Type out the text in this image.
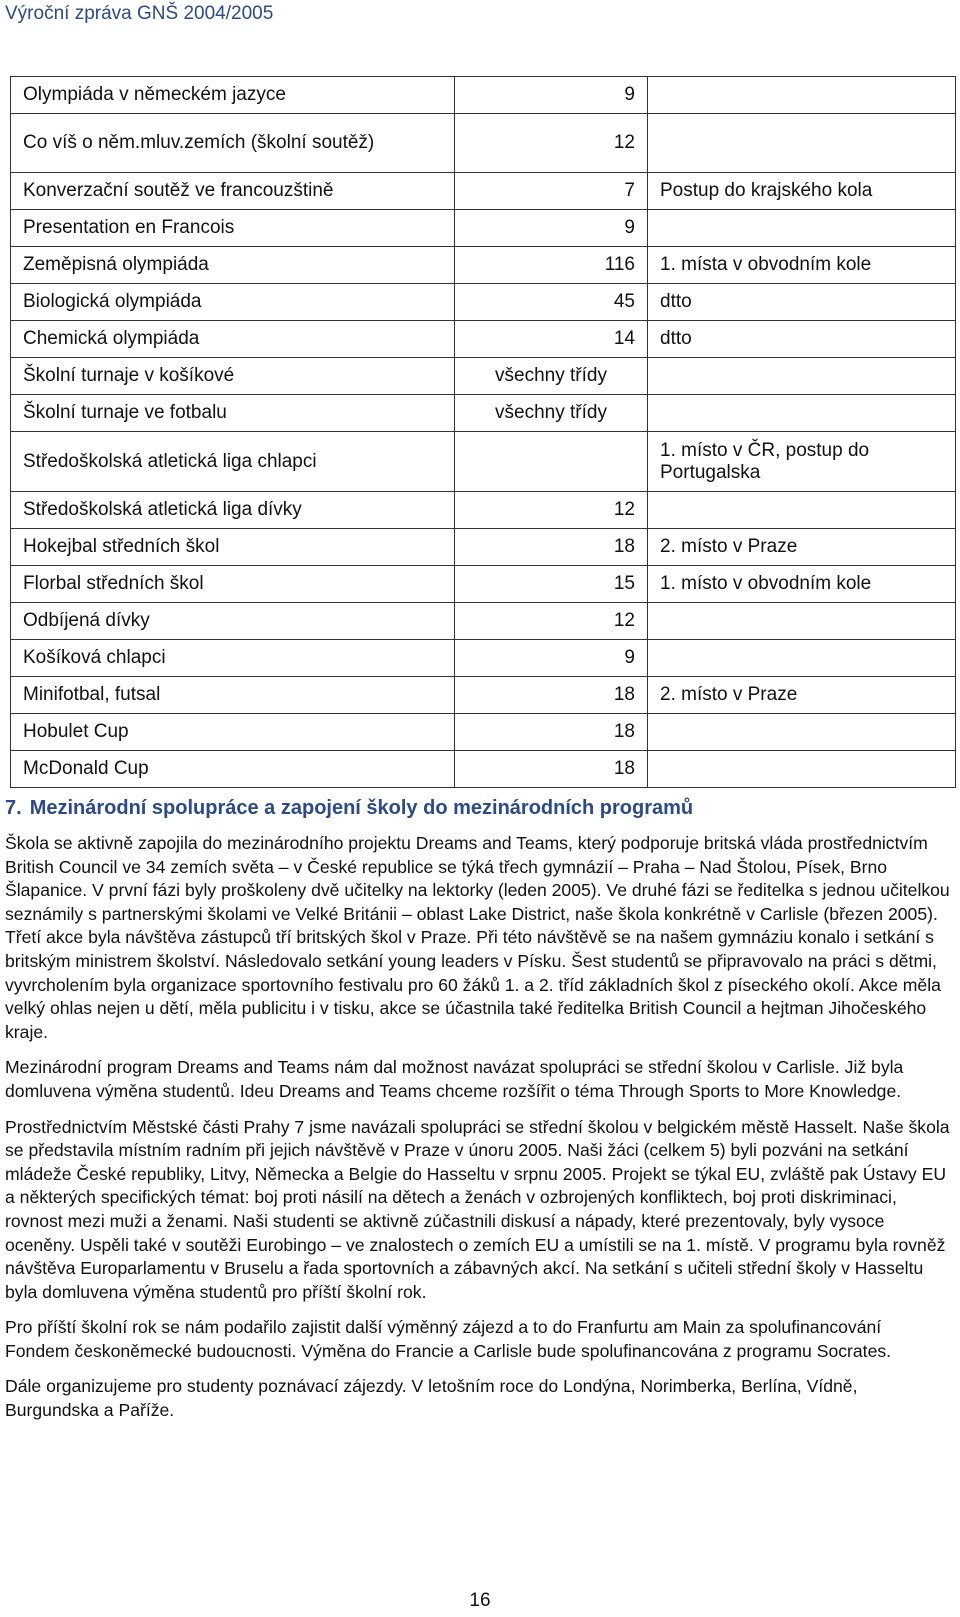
Výroční zpráva GNŠ 2004/2005
Olympiáda v německém jazyce	9	
Co víš o něm.mluv.zemích (školní soutěž)	12	
Konverzační soutěž ve francouzštině	7	Postup do krajského kola
Presentation en Francois	9	
Zeměpisná olympiáda	116	1. místa v obvodním kole
Biologická olympiáda	45	dtto
Chemická olympiáda	14	dtto
Školní turnaje v košíkové	všechny třídy	
Školní turnaje ve fotbalu	všechny třídy	
Středoškolská atletická liga chlapci		1. místo v ČR, postup do Portugalska
Středoškolská atletická liga dívky	12	
Hokejbal středních škol	18	2. místo v Praze
Florbal středních škol	15	1. místo v obvodním kole
Odbíjená dívky	12	
Košíková chlapci	9	
Minifotbal, futsal	18	2. místo v Praze
Hobulet Cup	18	
McDonald Cup	18	
7. Mezinárodní spolupráce a zapojení školy do mezinárodních programů

Škola se aktivně zapojila do mezinárodního projektu Dreams and Teams, který podporuje britská vláda prostřednictvím British Council ve 34 zemích světa – v České republice se týká třech gymnázií – Praha – Nad Štolou, Písek, Brno Šlapanice. V první fázi byly proškoleny dvě učitelky na lektorky (leden 2005). Ve druhé fázi se ředitelka s jednou učitelkou seznámily s partnerskými školami ve Velké Británii – oblast Lake District, naše škola konkrétně v Carlisle (březen 2005). Třetí akce byla návštěva zástupců tří britských škol v Praze. Při této návštěvě se na našem gymnáziu konalo i setkání s britským ministrem školství. Následovalo setkání young leaders v Písku. Šest studentů se připravovalo na práci s dětmi, vyvrcholením byla organizace sportovního festivalu pro 60 žáků 1. a 2. tříd základních škol z píseckého okolí. Akce měla velký ohlas nejen u dětí, měla publicitu i v tisku, akce se účastnila také ředitelka British Council a hejtman Jihočeského kraje.

Mezinárodní program Dreams and Teams nám dal možnost navázat spolupráci se střední školou v Carlisle. Již byla domluvena výměna studentů. Ideu Dreams and Teams chceme rozšířit o téma Through Sports to More Knowledge.

Prostřednictvím Městské části Prahy 7 jsme navázali spolupráci se střední školou v belgickém městě Hasselt. Naše škola se představila místním radním při jejich návštěvě v Praze v únoru 2005. Naši žáci (celkem 5) byli pozváni na setkání mládeže České republiky, Litvy, Německa a Belgie do Hasseltu v srpnu 2005. Projekt se týkal EU, zvláště pak Ústavy EU a některých specifických témat: boj proti násilí na dětech a ženách v ozbrojených konfliktech, boj proti diskriminaci, rovnost mezi muži a ženami. Naši studenti se aktivně zúčastnili diskusí a nápady, které prezentovaly, byly vysoce oceněny. Uspěli také v soutěži Eurobingo – ve znalostech o zemích EU a umístili se na 1. místě. V programu byla rovněž návštěva Europarlamentu v Bruselu a řada sportovních a zábavných akcí. Na setkání s učiteli střední školy v Hasseltu byla domluvena výměna studentů pro příští školní rok.

Pro příští školní rok se nám podařilo zajistit další výměnný zájezd a to do Franfurtu am Main za spolufinancování Fondem českoněmecké budoucnosti. Výměna do Francie a Carlisle bude spolufinancována z programu Socrates.

Dále organizujeme pro studenty poznávací zájezdy. V letošním roce do Londýna, Norimberka, Berlína, Vídně, Burgundska a Paříže.

16
